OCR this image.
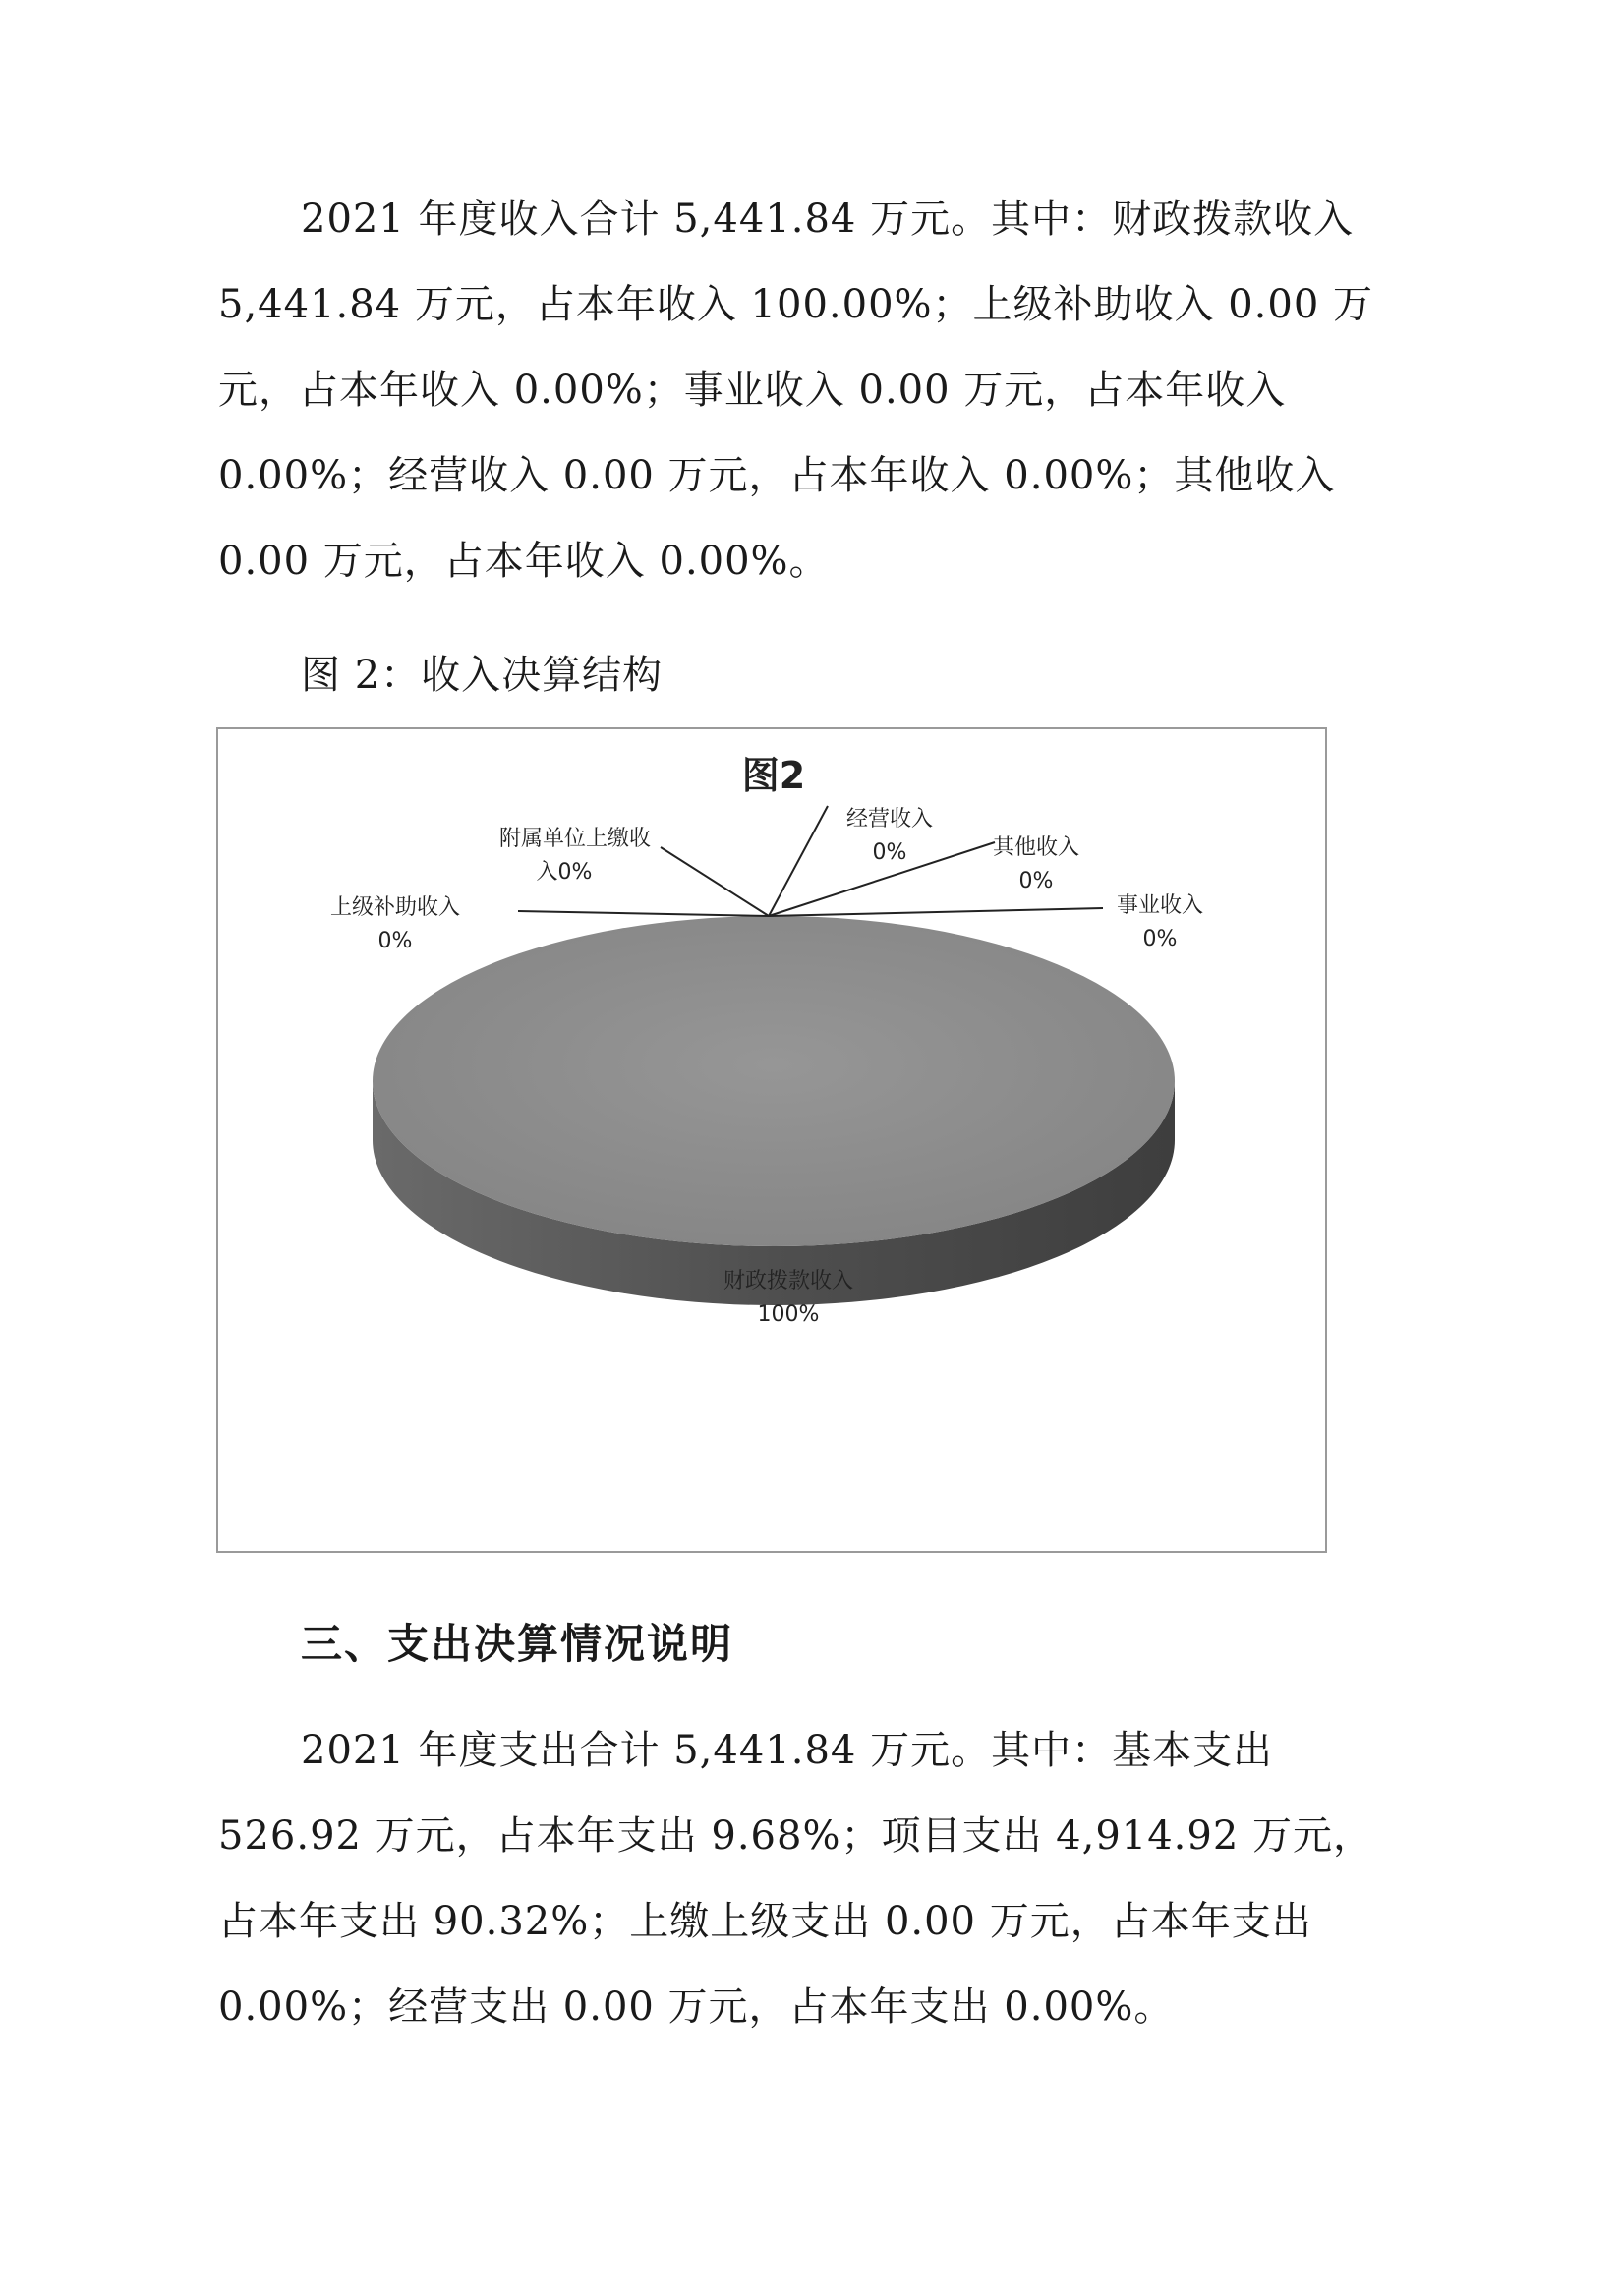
2021 年度收入合计 5,441.84 万元。其中：财政拨款收入 5,441.84 万元，占本年收入 100.00%；上级补助收入 0.00 万元，占本年收入 0.00%；事业收入 0.00 万元，占本年收入 0.00%；经营收入 0.00 万元，占本年收入 0.00%；其他收入 0.00 万元，占本年收入 0.00%。

图 2：收入决算结构

图2
上级补助收入
0%
附属单位上缴收
入0%
经营收入
0%	其他收入
0%
事业收入
0%
财政拨款收入
100%
三、支出决算情况说明

2021 年度支出合计 5,441.84 万元。其中：基本支出 526.92 万元，占本年支出 9.68%；项目支出 4,914.92 万元，占本年支出 90.32%；上缴上级支出 0.00 万元，占本年支出 0.00%；经营支出 0.00 万元，占本年支出 0.00%。
